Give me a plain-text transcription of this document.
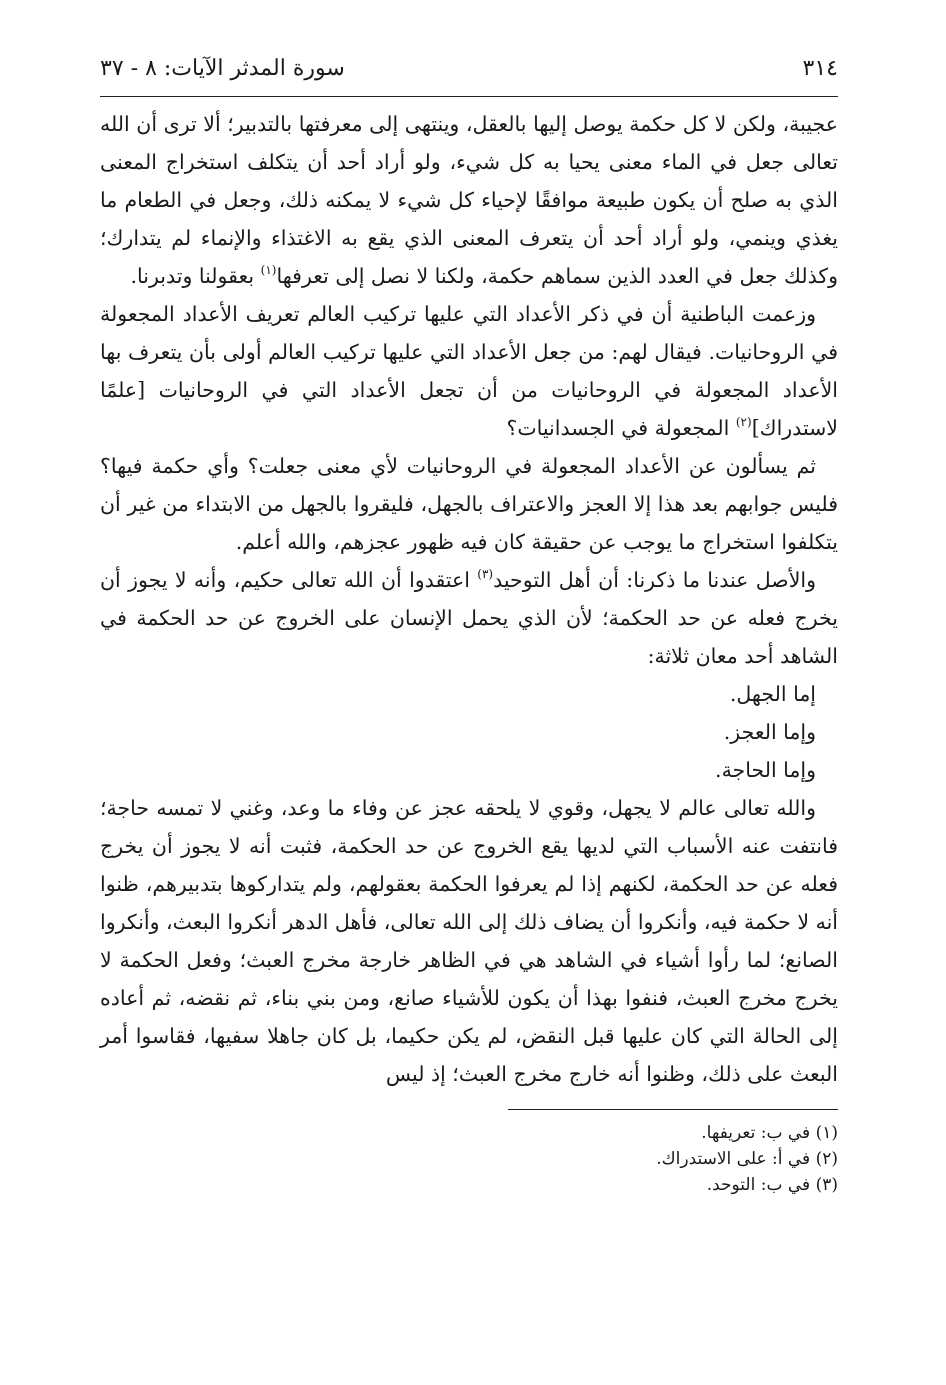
٣١٤
سورة المدثر الآيات: ٨ - ٣٧

عجيبة، ولكن لا كل حكمة يوصل إليها بالعقل، وينتهى إلى معرفتها بالتدبير؛ ألا ترى أن الله تعالى جعل في الماء معنى يحيا به كل شيء، ولو أراد أحد أن يتكلف استخراج المعنى الذي به صلح أن يكون طبيعة موافقًا لإحياء كل شيء لا يمكنه ذلك، وجعل في الطعام ما يغذي وينمي، ولو أراد أحد أن يتعرف المعنى الذي يقع به الاغتذاء والإنماء لم يتدارك؛ وكذلك جعل في العدد الذين سماهم حكمة، ولكنا لا نصل إلى تعرفها$^{(١)}$ بعقولنا وتدبرنا.

وزعمت الباطنية أن في ذكر الأعداد التي عليها تركيب العالم تعريف الأعداد المجعولة في الروحانيات. فيقال لهم: من جعل الأعداد التي عليها تركيب العالم أولى بأن يتعرف بها الأعداد المجعولة في الروحانيات من أن تجعل الأعداد التي في الروحانيات [علمًا لاستدراك]$^{(٢)}$ المجعولة في الجسدانيات؟

ثم يسألون عن الأعداد المجعولة في الروحانيات لأي معنى جعلت؟ وأي حكمة فيها؟ فليس جوابهم بعد هذا إلا العجز والاعتراف بالجهل، فليقروا بالجهل من الابتداء من غير أن يتكلفوا استخراج ما يوجب عن حقيقة كان فيه ظهور عجزهم، والله أعلم.

والأصل عندنا ما ذكرنا: أن أهل التوحيد$^{(٣)}$ اعتقدوا أن الله تعالى حكيم، وأنه لا يجوز أن يخرج فعله عن حد الحكمة؛ لأن الذي يحمل الإنسان على الخروج عن حد الحكمة في الشاهد أحد معان ثلاثة:

إما الجهل.

وإما العجز.

وإما الحاجة.

والله تعالى عالم لا يجهل، وقوي لا يلحقه عجز عن وفاء ما وعد، وغني لا تمسه حاجة؛ فانتفت عنه الأسباب التي لديها يقع الخروج عن حد الحكمة، فثبت أنه لا يجوز أن يخرج فعله عن حد الحكمة، لكنهم إذا لم يعرفوا الحكمة بعقولهم، ولم يتداركوها بتدبيرهم، ظنوا أنه لا حكمة فيه، وأنكروا أن يضاف ذلك إلى الله تعالى، فأهل الدهر أنكروا البعث، وأنكروا الصانع؛ لما رأوا أشياء في الشاهد هي في الظاهر خارجة مخرج العبث؛ وفعل الحكمة لا يخرج مخرج العبث، فنفوا بهذا أن يكون للأشياء صانع، ومن بني بناء، ثم نقضه، ثم أعاده إلى الحالة التي كان عليها قبل النقض، لم يكن حكيما، بل كان جاهلا سفيها، فقاسوا أمر البعث على ذلك، وظنوا أنه خارج مخرج العبث؛ إذ ليس

(١) في ب: تعريفها.

(٢) في أ: على الاستدراك.

(٣) في ب: التوحد.
